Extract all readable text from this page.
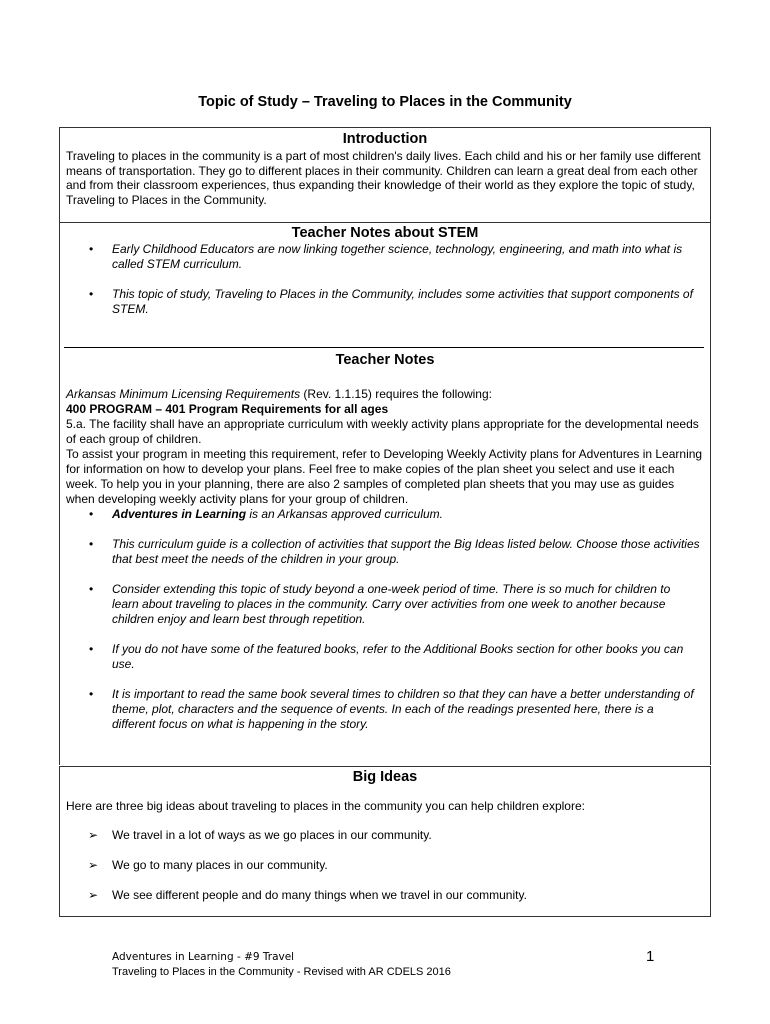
Topic of Study – Traveling to Places in the Community
Introduction
Traveling to places in the community is a part of most children's daily lives. Each child and his or her family use different means of transportation. They go to different places in their community. Children can learn a great deal from each other and from their classroom experiences, thus expanding their knowledge of their world as they explore the topic of study, Traveling to Places in the Community.
Teacher Notes about STEM
• Early Childhood Educators are now linking together science, technology, engineering, and math into what is called STEM curriculum.
• This topic of study, Traveling to Places in the Community, includes some activities that support components of STEM.
Teacher Notes
Arkansas Minimum Licensing Requirements (Rev. 1.1.15) requires the following:
400 PROGRAM – 401 Program Requirements for all ages
5.a. The facility shall have an appropriate curriculum with weekly activity plans appropriate for the developmental needs of each group of children.
To assist your program in meeting this requirement, refer to Developing Weekly Activity plans for Adventures in Learning for information on how to develop your plans. Feel free to make copies of the plan sheet you select and use it each week. To help you in your planning, there are also 2 samples of completed plan sheets that you may use as guides when developing weekly activity plans for your group of children.
• Adventures in Learning is an Arkansas approved curriculum.
• This curriculum guide is a collection of activities that support the Big Ideas listed below. Choose those activities that best meet the needs of the children in your group.
• Consider extending this topic of study beyond a one-week period of time. There is so much for children to learn about traveling to places in the community. Carry over activities from one week to another because children enjoy and learn best through repetition.
• If you do not have some of the featured books, refer to the Additional Books section for other books you can use.
• It is important to read the same book several times to children so that they can have a better understanding of theme, plot, characters and the sequence of events. In each of the readings presented here, there is a different focus on what is happening in the story.
Big Ideas
Here are three big ideas about traveling to places in the community you can help children explore:
➢ We travel in a lot of ways as we go places in our community.
➢ We go to many places in our community.
➢ We see different people and do many things when we travel in our community.
Adventures in Learning - #9 Travel
Traveling to Places in the Community - Revised with AR CDELS 2016
1
